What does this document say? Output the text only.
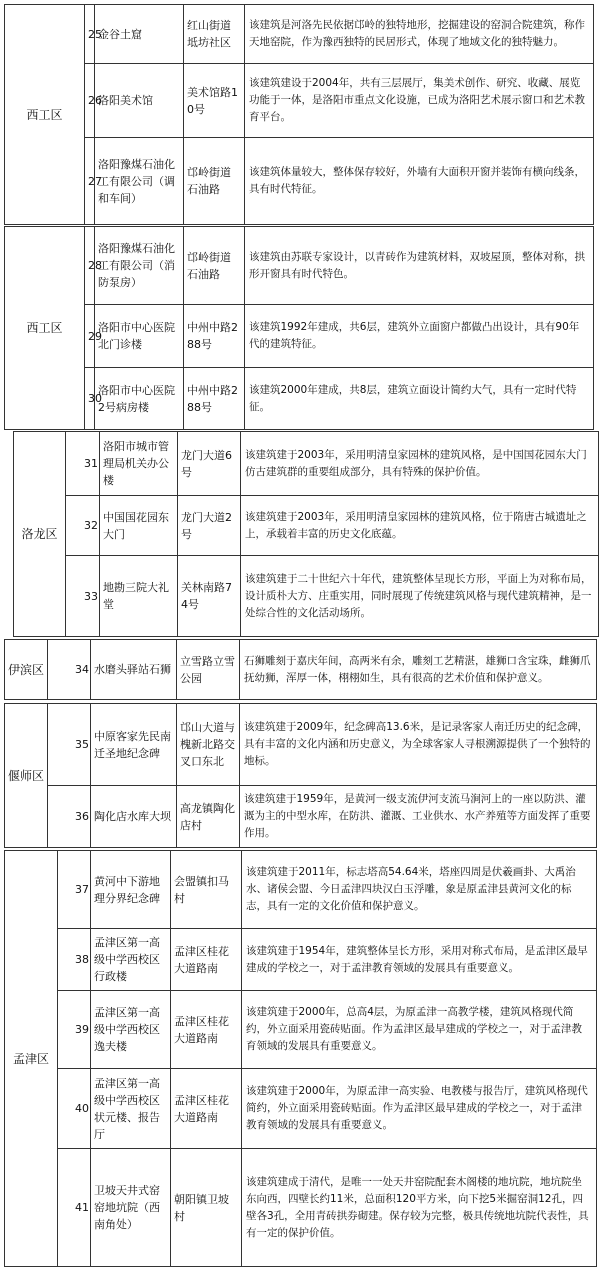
西工区	25	金谷土窟	红山街道坻坊社区	该建筑是河洛先民依据邙岭的独特地形，挖掘建设的窑洞合院建筑，称作天地窑院，作为豫西独特的民居形式，体现了地域文化的独特魅力。
	26	洛阳美术馆	美术馆路10号	该建筑建设于2004年，共有三层展厅，集美术创作、研究、收藏、展览功能于一体，是洛阳市重点文化设施，已成为洛阳艺术展示窗口和艺术教育平台。
	27	洛阳豫煤石油化工有限公司（调和车间）	邙岭街道石油路	该建筑体量较大，整体保存较好，外墙有大面积开窗并装饰有横向线条，具有时代特征。
西工区	28	洛阳豫煤石油化工有限公司（消防泵房）	邙岭街道石油路	该建筑由苏联专家设计，以青砖作为建筑材料，双坡屋顶，整体对称，拱形开窗具有时代特色。
	29	洛阳市中心医院北门诊楼	中州中路288号	该建筑1992年建成，共6层，建筑外立面窗户都做凸出设计，具有90年代的建筑特征。
	30	洛阳市中心医院2号病房楼	中州中路288号	该建筑2000年建成，共8层，建筑立面设计简约大气，具有一定时代特征。
洛龙区	31	洛阳市城市管理局机关办公楼	龙门大道6号	该建筑建于2003年，采用明清皇家园林的建筑风格，是中国国花园东大门仿古建筑群的重要组成部分，具有特殊的保护价值。
	32	中国国花园东大门	龙门大道2号	该建筑建于2003年，采用明清皇家园林的建筑风格，位于隋唐古城遗址之上，承载着丰富的历史文化底蕴。
	33	地勘三院大礼堂	关林南路74号	该建筑建于二十世纪六十年代，建筑整体呈现长方形，平面上为对称布局，设计质朴大方、庄重实用，同时展现了传统建筑风格与现代建筑精神，是一处综合性的文化活动场所。
伊滨区	34	水磨头驿站石狮	立雪路立雪公园	石狮雕刻于嘉庆年间，高两米有余，雕刻工艺精湛，雄狮口含宝珠，雌狮爪抚幼狮，浑厚一体，栩栩如生，具有很高的艺术价值和保护意义。
偃师区	35	中原客家先民南迁圣地纪念碑	邙山大道与槐新北路交叉口东北	该建筑建于2009年，纪念碑高13.6米，是记录客家人南迁历史的纪念碑，具有丰富的文化内涵和历史意义，为全球客家人寻根溯源提供了一个独特的地标。
	36	陶化店水库大坝	高龙镇陶化店村	该建筑建于1959年，是黄河一级支流伊河支流马涧河上的一座以防洪、灌溉为主的中型水库，在防洪、灌溉、工业供水、水产养殖等方面发挥了重要作用。
孟津区	37	黄河中下游地理分界纪念碑	会盟镇扣马村	该建筑建于2011年，标志塔高54.64米，塔座四周是伏羲画卦、大禹治水、诸侯会盟、今日孟津四块汉白玉浮雕，象是原孟津县黄河文化的标志，具有一定的文化价值和保护意义。
	38	孟津区第一高级中学西校区行政楼	孟津区桂花大道路南	该建筑建于1954年，建筑整体呈长方形，采用对称式布局，是孟津区最早建成的学校之一，对于孟津教育领域的发展具有重要意义。
	39	孟津区第一高级中学西校区逸夫楼	孟津区桂花大道路南	该建筑建于2000年，总高4层，为原孟津一高教学楼，建筑风格现代简约，外立面采用瓷砖贴面。作为孟津区最早建成的学校之一，对于孟津教育领域的发展具有重要意义。
	40	孟津区第一高级中学西校区状元楼、报告厅	孟津区桂花大道路南	该建筑建于2000年，为原孟津一高实验、电教楼与报告厅，建筑风格现代简约，外立面采用瓷砖贴面。作为孟津区最早建成的学校之一，对于孟津教育领域的发展具有重要意义。
	41	卫坡天井式窑窑地坑院（西南角处）	朝阳镇卫坡村	该建筑建成于清代，是唯一一处天井窑院配套木阁楼的地坑院，地坑院坐东向西，四壁长约11米，总面积120平方米，向下挖5米掘窑洞12孔，四壁各3孔，全用青砖拱券砌建。保存较为完整，极具传统地坑院代表性，具有一定的保护价值。
